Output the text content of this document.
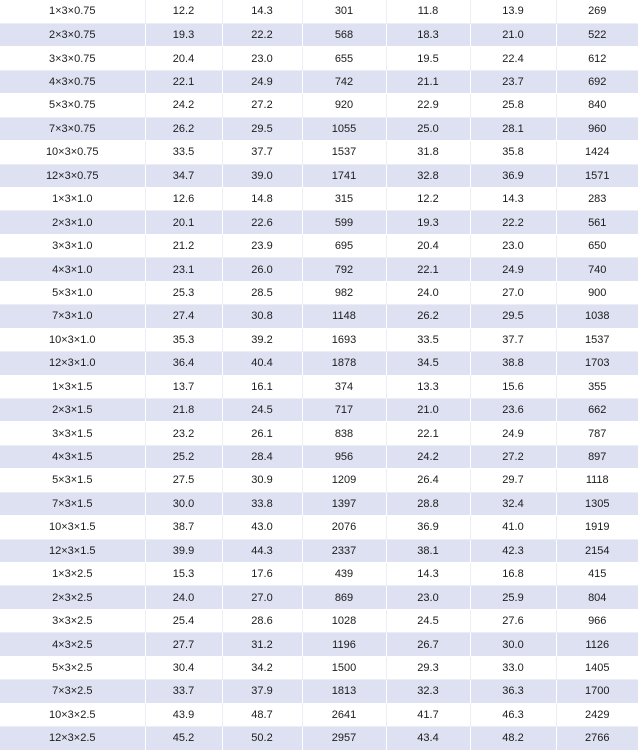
1×3×0.75	12.2	14.3	301	11.8	13.9	269
2×3×0.75	19.3	22.2	568	18.3	21.0	522
3×3×0.75	20.4	23.0	655	19.5	22.4	612
4×3×0.75	22.1	24.9	742	21.1	23.7	692
5×3×0.75	24.2	27.2	920	22.9	25.8	840
7×3×0.75	26.2	29.5	1055	25.0	28.1	960
10×3×0.75	33.5	37.7	1537	31.8	35.8	1424
12×3×0.75	34.7	39.0	1741	32.8	36.9	1571
1×3×1.0	12.6	14.8	315	12.2	14.3	283
2×3×1.0	20.1	22.6	599	19.3	22.2	561
3×3×1.0	21.2	23.9	695	20.4	23.0	650
4×3×1.0	23.1	26.0	792	22.1	24.9	740
5×3×1.0	25.3	28.5	982	24.0	27.0	900
7×3×1.0	27.4	30.8	1148	26.2	29.5	1038
10×3×1.0	35.3	39.2	1693	33.5	37.7	1537
12×3×1.0	36.4	40.4	1878	34.5	38.8	1703
1×3×1.5	13.7	16.1	374	13.3	15.6	355
2×3×1.5	21.8	24.5	717	21.0	23.6	662
3×3×1.5	23.2	26.1	838	22.1	24.9	787
4×3×1.5	25.2	28.4	956	24.2	27.2	897
5×3×1.5	27.5	30.9	1209	26.4	29.7	1118
7×3×1.5	30.0	33.8	1397	28.8	32.4	1305
10×3×1.5	38.7	43.0	2076	36.9	41.0	1919
12×3×1.5	39.9	44.3	2337	38.1	42.3	2154
1×3×2.5	15.3	17.6	439	14.3	16.8	415
2×3×2.5	24.0	27.0	869	23.0	25.9	804
3×3×2.5	25.4	28.6	1028	24.5	27.6	966
4×3×2.5	27.7	31.2	1196	26.7	30.0	1126
5×3×2.5	30.4	34.2	1500	29.3	33.0	1405
7×3×2.5	33.7	37.9	1813	32.3	36.3	1700
10×3×2.5	43.9	48.7	2641	41.7	46.3	2429
12×3×2.5	45.2	50.2	2957	43.4	48.2	2766
